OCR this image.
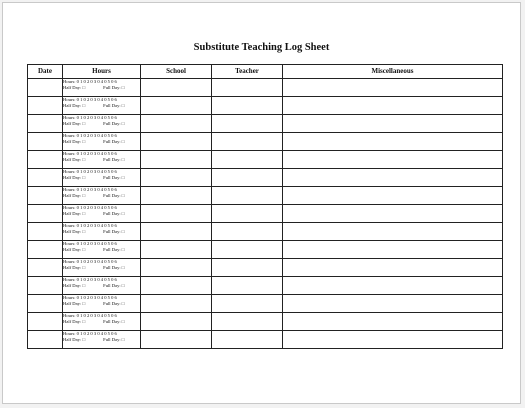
Substitute Teaching Log Sheet
Date	Hours	School	Teacher	Miscellaneous

	Hours: 0 1 0 2 0 3 0 4 0 5 0 6
Half Day: □ Full Day: □			

	Hours: 0 1 0 2 0 3 0 4 0 5 0 6
Half Day: □ Full Day: □			

	Hours: 0 1 0 2 0 3 0 4 0 5 0 6
Half Day: □ Full Day: □			

	Hours: 0 1 0 2 0 3 0 4 0 5 0 6
Half Day: □ Full Day: □			

	Hours: 0 1 0 2 0 3 0 4 0 5 0 6
Half Day: □ Full Day: □			

	Hours: 0 1 0 2 0 3 0 4 0 5 0 6
Half Day: □ Full Day: □			

	Hours: 0 1 0 2 0 3 0 4 0 5 0 6
Half Day: □ Full Day: □			

	Hours: 0 1 0 2 0 3 0 4 0 5 0 6
Half Day: □ Full Day: □			

	Hours: 0 1 0 2 0 3 0 4 0 5 0 6
Half Day: □ Full Day: □			

	Hours: 0 1 0 2 0 3 0 4 0 5 0 6
Half Day: □ Full Day: □			

	Hours: 0 1 0 2 0 3 0 4 0 5 0 6
Half Day: □ Full Day: □			

	Hours: 0 1 0 2 0 3 0 4 0 5 0 6
Half Day: □ Full Day: □			

	Hours: 0 1 0 2 0 3 0 4 0 5 0 6
Half Day: □ Full Day: □			

	Hours: 0 1 0 2 0 3 0 4 0 5 0 6
Half Day: □ Full Day: □			

	Hours: 0 1 0 2 0 3 0 4 0 5 0 6
Half Day: □ Full Day: □			
